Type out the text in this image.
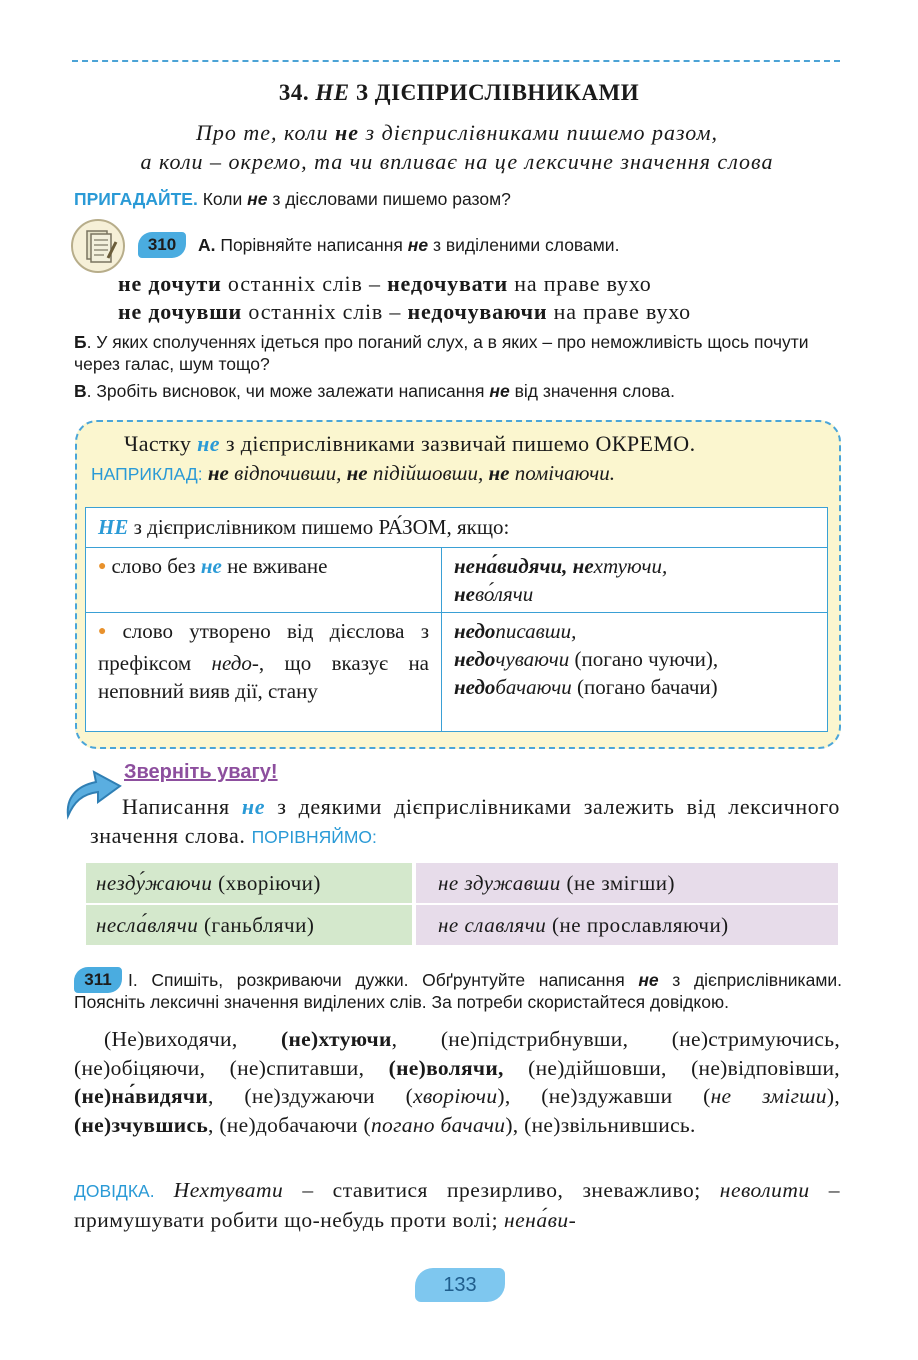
34. НЕ З ДІЄПРИСЛІВНИКАМИ
Про те, коли не з дієприслівниками пишемо разом,
а коли – окремо, та чи впливає на це лексичне значення слова
ПРИГАДАЙТЕ. Коли не з дієсловами пишемо разом?
310	А. Порівняйте написання не з виділеними словами.
не дочути останніх слів – недочувати на праве вухо
не дочувши останніх слів – недочуваючи на праве вухо
Б. У яких сполученнях ідеться про поганий слух, а в яких – про неможливість щось почути через галас, шум тощо?
В. Зробіть висновок, чи може залежати написання не від значення слова.
Частку не з дієприслівниками зазвичай пишемо ОКРЕМО.
НАПРИКЛАД: не відпочивши, не підійшовши, не помічаючи.
НЕ з дієприслівником пишемо РА́ЗОМ, якщо:	
● слово без не не вживане	нена́видячи, нехтуючи,
нево́лячи
● слово утворено від дієслова з префіксом недо-, що вказує на неповний вияв дії, стану	недописавши,
недочуваючи (погано чуючи),
недобачаючи (погано бачачи)
Зверніть увагу!
Написання не з деякими дієприслівниками залежить від лексичного значення слова. ПОРІВНЯЙМО:
незду́жаючи (хворіючи)	не здужавши (не змігши)
несла́влячи (ганьблячи)	не славлячи (не прославляючи)
311 І. Спишіть, розкриваючи дужки. Обґрунтуйте написання не з дієприслівниками. Поясніть лексичні значення виділених слів. За потреби скористайтеся довідкою.
(Не)виходячи, (не)хтуючи, (не)підстрибнувши, (не)стримуючись, (не)обіцяючи, (не)спитавши, (не)волячи, (не)дійшовши, (не)відповівши, (не)на́видячи, (не)здужаючи (хворіючи), (не)здужавши (не змігши), (не)зчувшись, (не)добачаючи (погано бачачи), (не)звільнившись.
ДОВІДКА. Нехтувати – ставитися презирливо, зневажливо; неволити – примушувати робити що-небудь проти волі; нена́ви-
133
